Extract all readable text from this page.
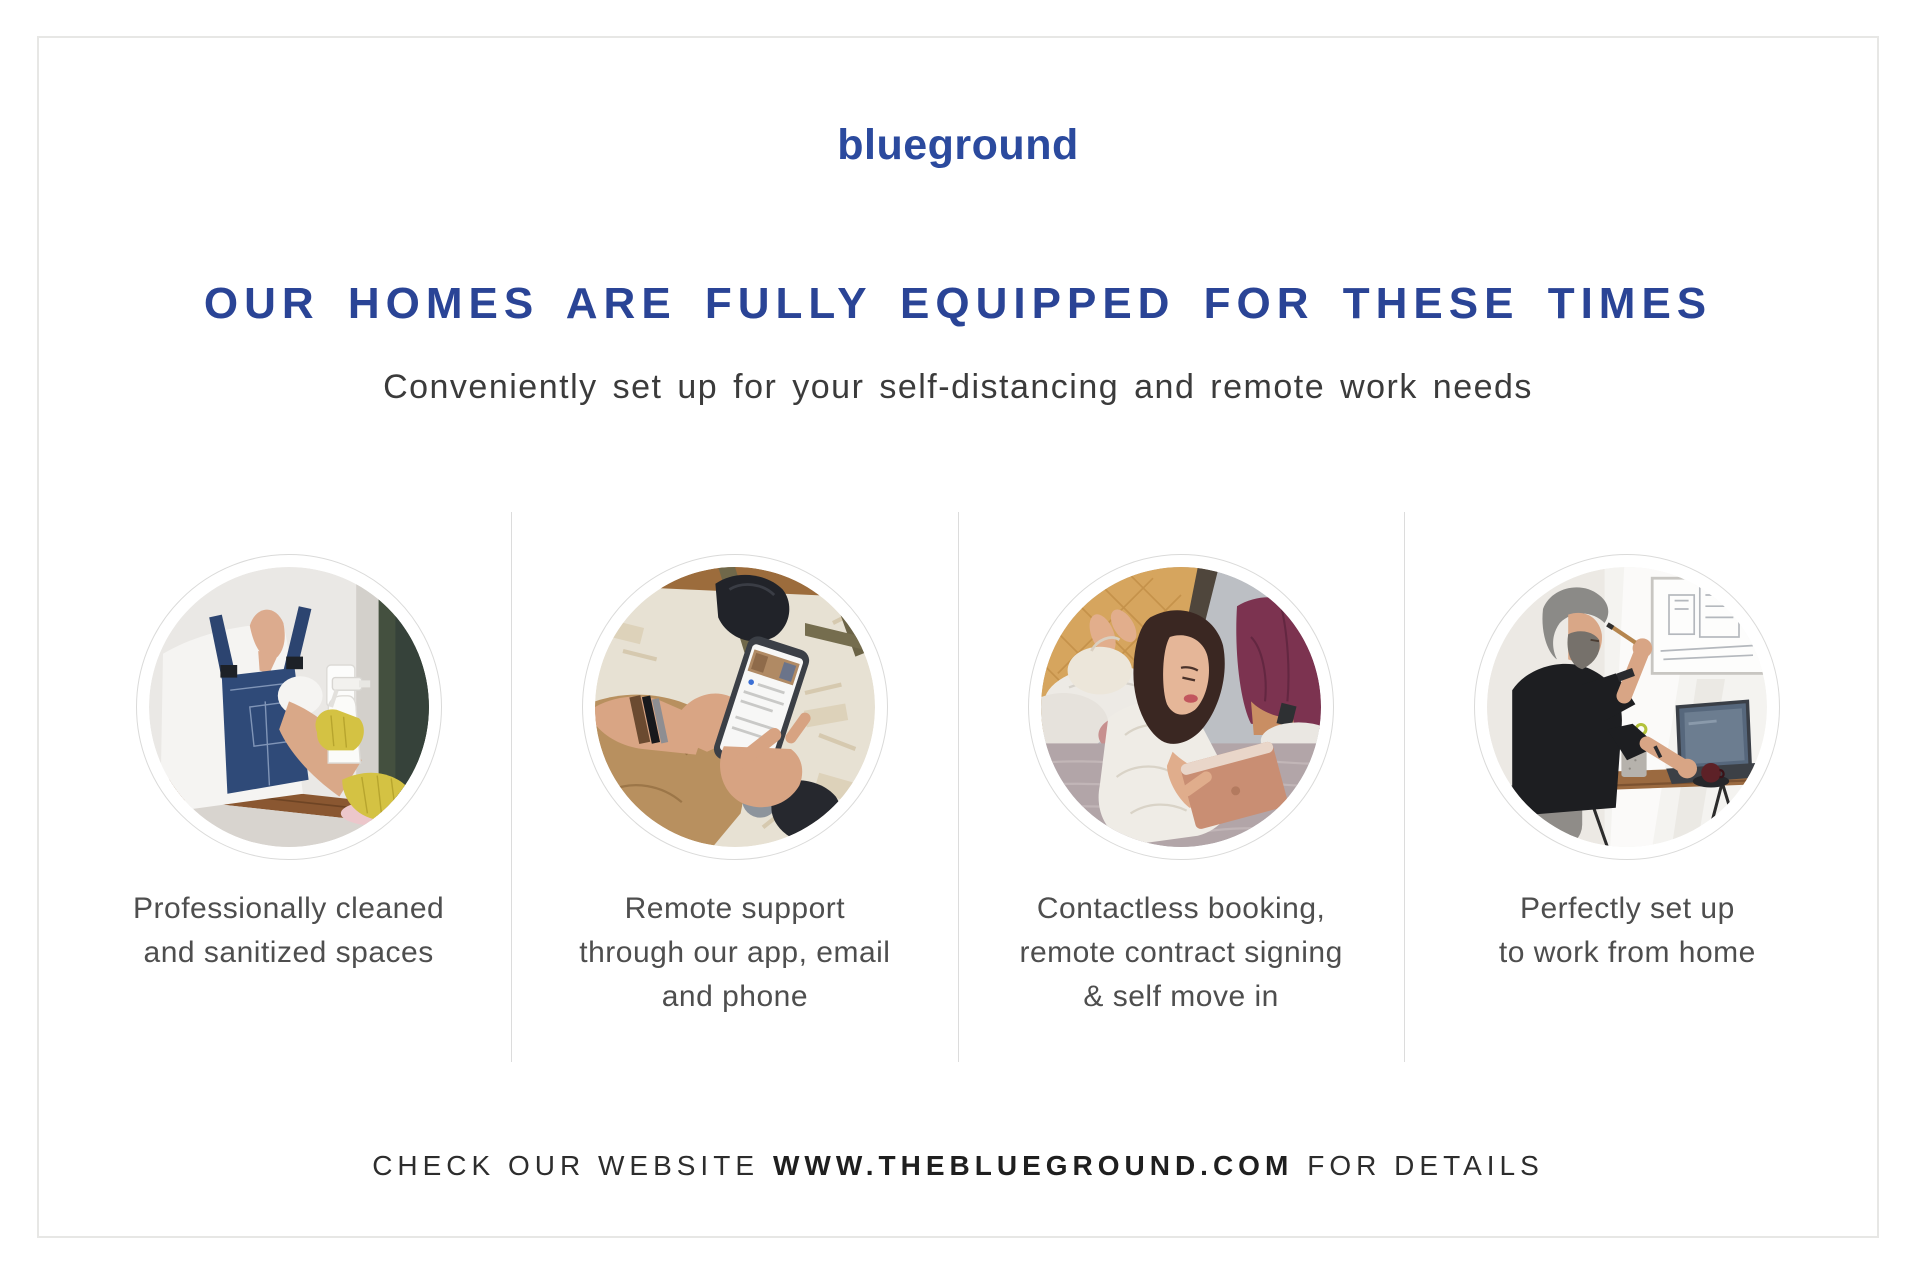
blueground
OUR HOMES ARE FULLY EQUIPPED FOR THESE TIMES

Conveniently set up for your self-distancing and remote work needs

Professionally cleaned
and sanitized spaces
Remote support
through our app, email
and phone
Contactless booking,
remote contract signing
& self move in
Perfectly set up
to work from home
CHECK OUR WEBSITE WWW.THEBLUEGROUND.COM FOR DETAILS
